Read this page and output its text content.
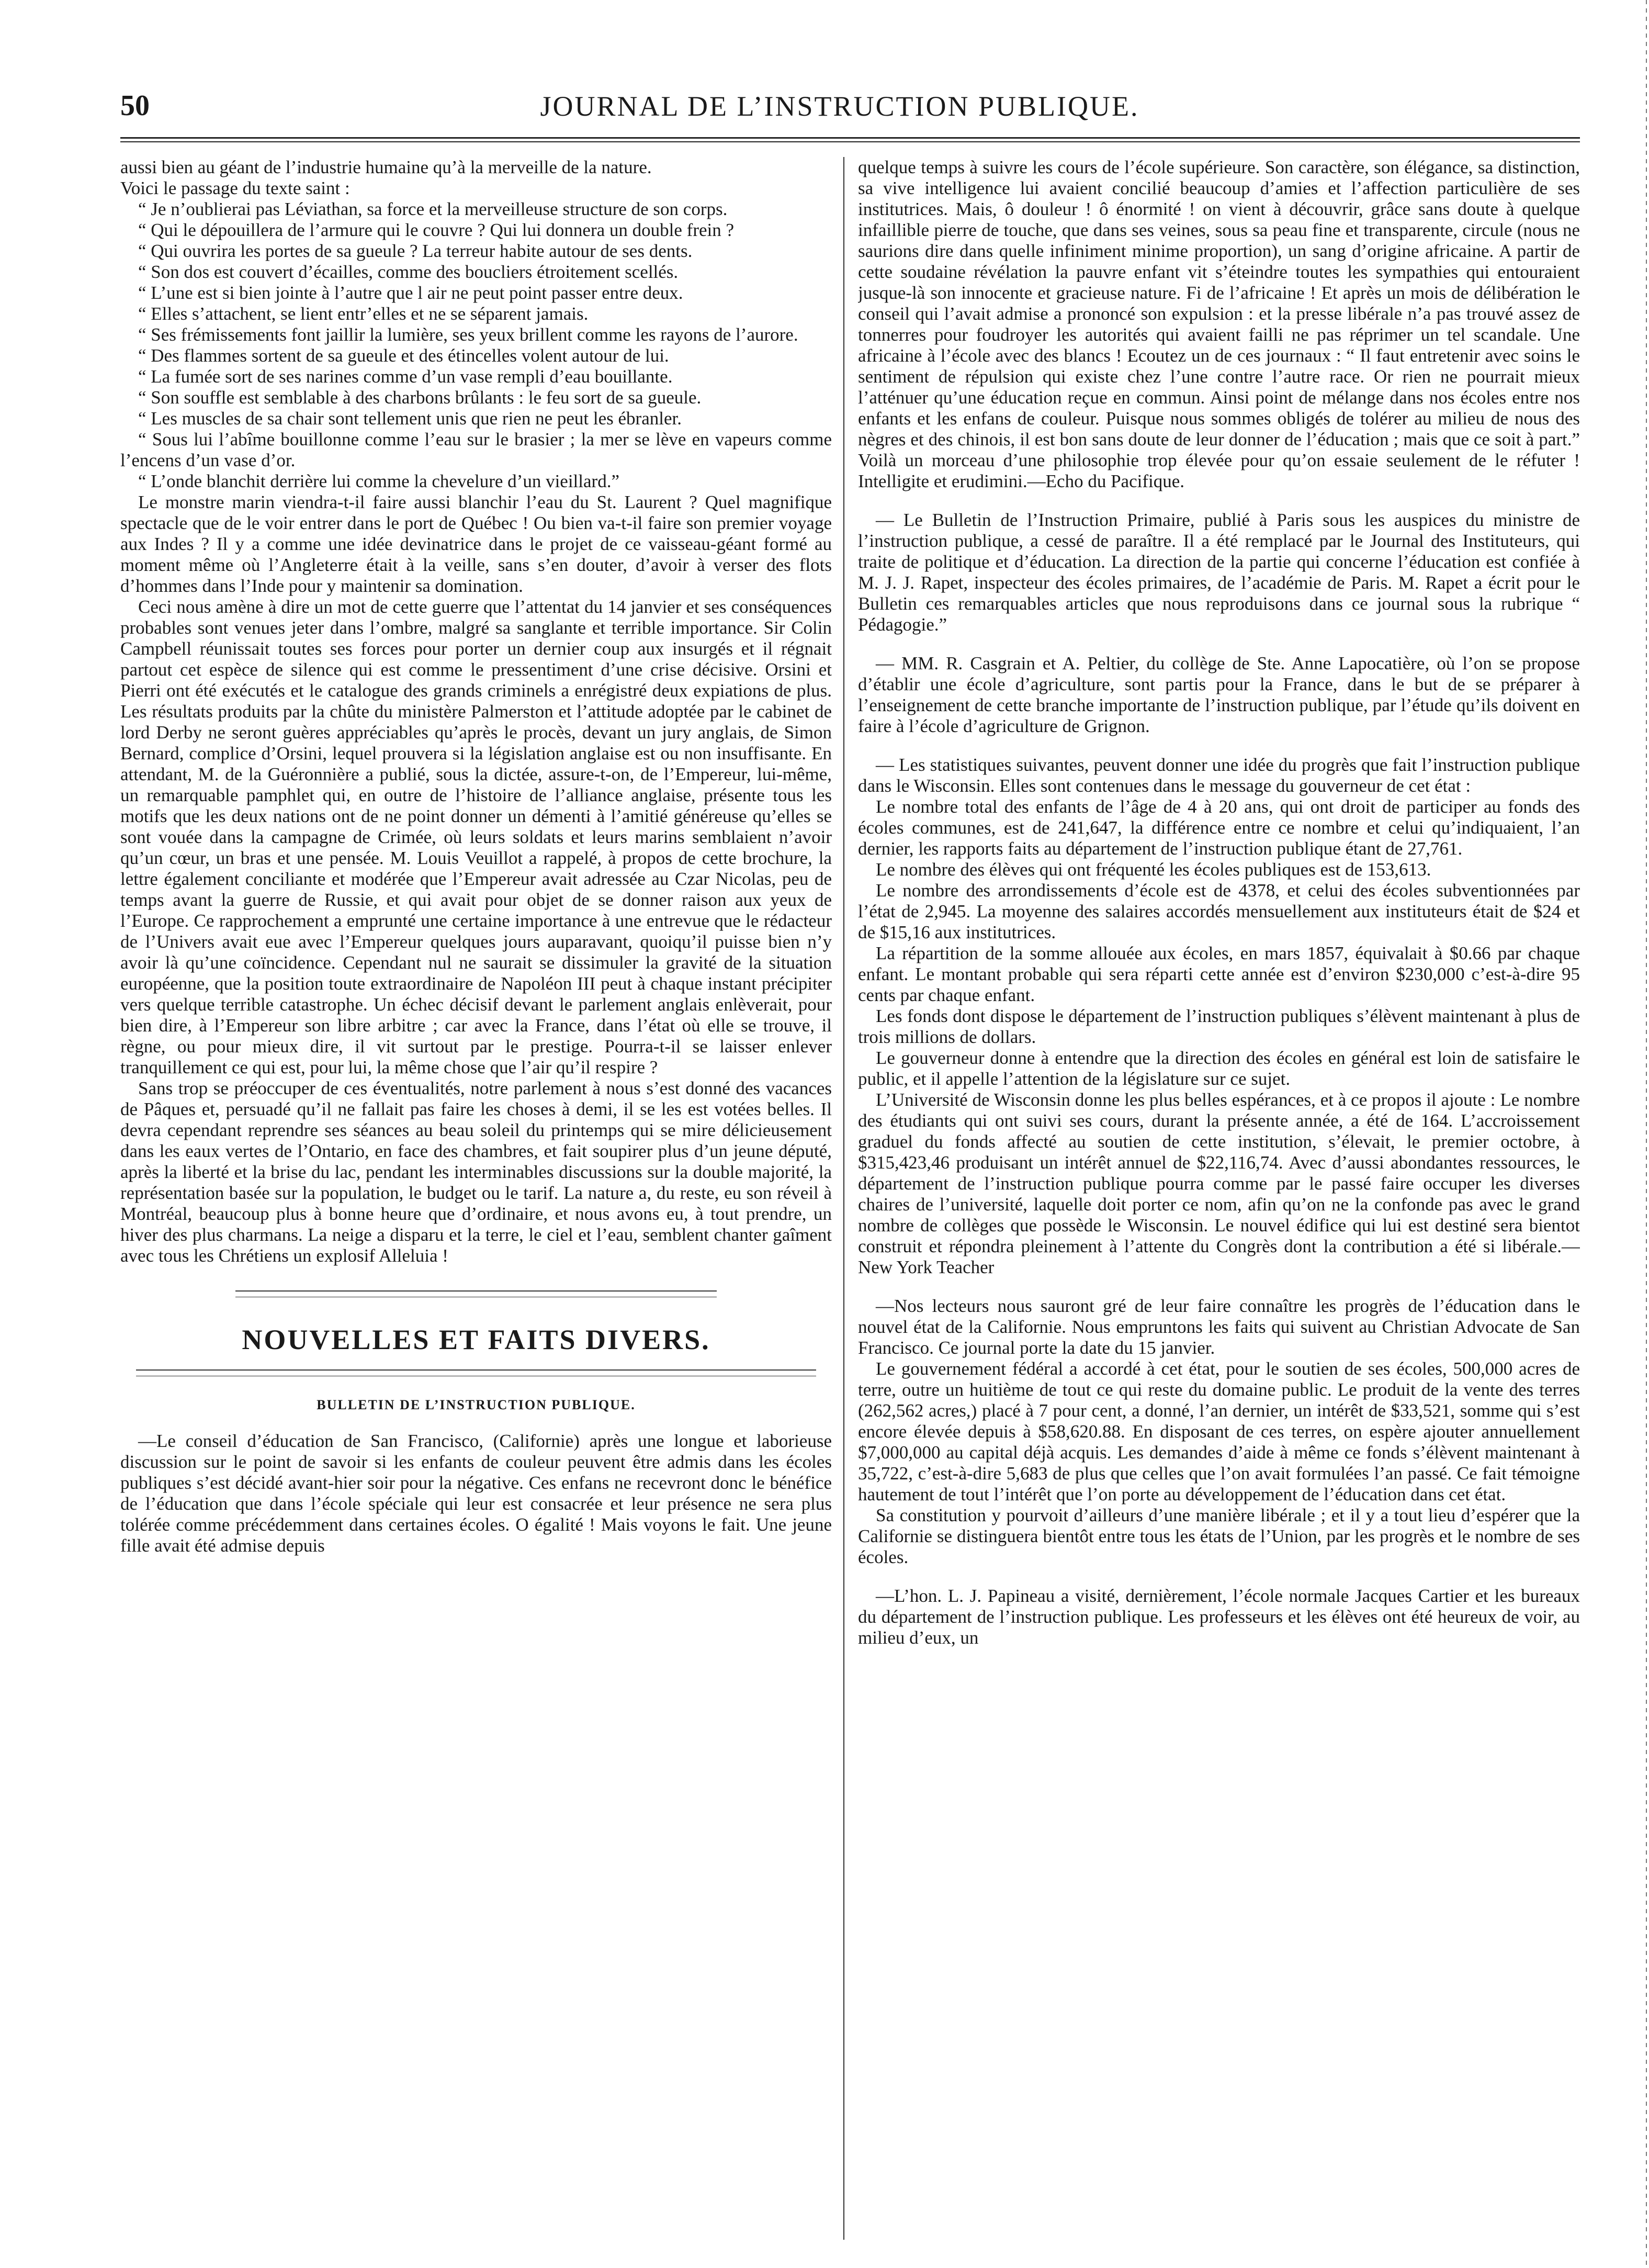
50	JOURNAL DE L’INSTRUCTION PUBLIQUE.

aussi bien au géant de l’industrie humaine qu’à la merveille de la nature.

Voici le passage du texte saint :

“ Je n’oublierai pas Léviathan, sa force et la merveilleuse structure de son corps.

“ Qui le dépouillera de l’armure qui le couvre ? Qui lui donnera un double frein ?

“ Qui ouvrira les portes de sa gueule ? La terreur habite autour de ses dents.

“ Son dos est couvert d’écailles, comme des boucliers étroitement scellés.

“ L’une est si bien jointe à l’autre que l air ne peut point passer entre deux.

“ Elles s’attachent, se lient entr’elles et ne se séparent jamais.

“ Ses frémissements font jaillir la lumière, ses yeux brillent comme les rayons de l’aurore.

“ Des flammes sortent de sa gueule et des étincelles volent autour de lui.

“ La fumée sort de ses narines comme d’un vase rempli d’eau bouillante.

“ Son souffle est semblable à des charbons brûlants : le feu sort de sa gueule.

“ Les muscles de sa chair sont tellement unis que rien ne peut les ébranler.

“ Sous lui l’abîme bouillonne comme l’eau sur le brasier ; la mer se lève en vapeurs comme l’encens d’un vase d’or.

“ L’onde blanchit derrière lui comme la chevelure d’un vieillard.”

Le monstre marin viendra-t-il faire aussi blanchir l’eau du St. Laurent ? Quel magnifique spectacle que de le voir entrer dans le port de Québec ! Ou bien va-t-il faire son premier voyage aux Indes ? Il y a comme une idée devinatrice dans le projet de ce vaisseau-géant formé au moment même où l’Angleterre était à la veille, sans s’en douter, d’avoir à verser des flots d’hommes dans l’Inde pour y maintenir sa domination.

Ceci nous amène à dire un mot de cette guerre que l’attentat du 14 janvier et ses conséquences probables sont venues jeter dans l’ombre, malgré sa sanglante et terrible importance. Sir Colin Campbell réunissait toutes ses forces pour porter un dernier coup aux insurgés et il régnait partout cet espèce de silence qui est comme le pressentiment d’une crise décisive. Orsini et Pierri ont été exécutés et le catalogue des grands criminels a enrégistré deux expiations de plus. Les résultats produits par la chûte du ministère Palmerston et l’attitude adoptée par le cabinet de lord Derby ne seront guères appréciables qu’après le procès, devant un jury anglais, de Simon Bernard, complice d’Orsini, lequel prouvera si la législation anglaise est ou non insuffisante. En attendant, M. de la Guéronnière a publié, sous la dictée, assure-t-on, de l’Empereur, lui-même, un remarquable pamphlet qui, en outre de l’histoire de l’alliance anglaise, présente tous les motifs que les deux nations ont de ne point donner un démenti à l’amitié généreuse qu’elles se sont vouée dans la campagne de Crimée, où leurs soldats et leurs marins semblaient n’avoir qu’un cœur, un bras et une pensée. M. Louis Veuillot a rappelé, à propos de cette brochure, la lettre également conciliante et modérée que l’Empereur avait adressée au Czar Nicolas, peu de temps avant la guerre de Russie, et qui avait pour objet de se donner raison aux yeux de l’Europe. Ce rapprochement a emprunté une certaine importance à une entrevue que le rédacteur de l’Univers avait eue avec l’Empereur quelques jours auparavant, quoiqu’il puisse bien n’y avoir là qu’une coïncidence. Cependant nul ne saurait se dissimuler la gravité de la situation européenne, que la position toute extraordinaire de Napoléon III peut à chaque instant précipiter vers quelque terrible catastrophe. Un échec décisif devant le parlement anglais enlèverait, pour bien dire, à l’Empereur son libre arbitre ; car avec la France, dans l’état où elle se trouve, il règne, ou pour mieux dire, il vit surtout par le prestige. Pourra-t-il se laisser enlever tranquillement ce qui est, pour lui, la même chose que l’air qu’il respire ?

Sans trop se préoccuper de ces éventualités, notre parlement à nous s’est donné des vacances de Pâques et, persuadé qu’il ne fallait pas faire les choses à demi, il se les est votées belles. Il devra cependant reprendre ses séances au beau soleil du printemps qui se mire délicieusement dans les eaux vertes de l’Ontario, en face des chambres, et fait soupirer plus d’un jeune député, après la liberté et la brise du lac, pendant les interminables discussions sur la double majorité, la représentation basée sur la population, le budget ou le tarif. La nature a, du reste, eu son réveil à Montréal, beaucoup plus à bonne heure que d’ordinaire, et nous avons eu, à tout prendre, un hiver des plus charmans. La neige a disparu et la terre, le ciel et l’eau, semblent chanter gaîment avec tous les Chrétiens un explosif Alleluia !

NOUVELLES ET FAITS DIVERS.
BULLETIN DE L’INSTRUCTION PUBLIQUE.

—Le conseil d’éducation de San Francisco, (Californie) après une longue et laborieuse discussion sur le point de savoir si les enfants de couleur peuvent être admis dans les écoles publiques s’est décidé avant-hier soir pour la négative. Ces enfans ne recevront donc le bénéfice de l’éducation que dans l’école spéciale qui leur est consacrée et leur présence ne sera plus tolérée comme précédemment dans certaines écoles. O égalité ! Mais voyons le fait. Une jeune fille avait été admise depuis

quelque temps à suivre les cours de l’école supérieure. Son caractère, son élégance, sa distinction, sa vive intelligence lui avaient concilié beaucoup d’amies et l’affection particulière de ses institutrices. Mais, ô douleur ! ô énormité ! on vient à découvrir, grâce sans doute à quelque infaillible pierre de touche, que dans ses veines, sous sa peau fine et transparente, circule (nous ne saurions dire dans quelle infiniment minime proportion), un sang d’origine africaine. A partir de cette soudaine révélation la pauvre enfant vit s’éteindre toutes les sympathies qui entouraient jusque-là son innocente et gracieuse nature. Fi de l’africaine ! Et après un mois de délibération le conseil qui l’avait admise a prononcé son expulsion : et la presse libérale n’a pas trouvé assez de tonnerres pour foudroyer les autorités qui avaient failli ne pas réprimer un tel scandale. Une africaine à l’école avec des blancs ! Ecoutez un de ces journaux : “ Il faut entretenir avec soins le sentiment de répulsion qui existe chez l’une contre l’autre race. Or rien ne pourrait mieux l’atténuer qu’une éducation reçue en commun. Ainsi point de mélange dans nos écoles entre nos enfants et les enfans de couleur. Puisque nous sommes obligés de tolérer au milieu de nous des nègres et des chinois, il est bon sans doute de leur donner de l’éducation ; mais que ce soit à part.” Voilà un morceau d’une philosophie trop élevée pour qu’on essaie seulement de le réfuter ! Intelligite et erudimini.—Echo du Pacifique.

— Le Bulletin de l’Instruction Primaire, publié à Paris sous les auspices du ministre de l’instruction publique, a cessé de paraître. Il a été remplacé par le Journal des Instituteurs, qui traite de politique et d’éducation. La direction de la partie qui concerne l’éducation est confiée à M. J. J. Rapet, inspecteur des écoles primaires, de l’académie de Paris. M. Rapet a écrit pour le Bulletin ces remarquables articles que nous reproduisons dans ce journal sous la rubrique “ Pédagogie.”

— MM. R. Casgrain et A. Peltier, du collège de Ste. Anne Lapocatière, où l’on se propose d’établir une école d’agriculture, sont partis pour la France, dans le but de se préparer à l’enseignement de cette branche importante de l’instruction publique, par l’étude qu’ils doivent en faire à l’école d’agriculture de Grignon.

— Les statistiques suivantes, peuvent donner une idée du progrès que fait l’instruction publique dans le Wisconsin. Elles sont contenues dans le message du gouverneur de cet état :

Le nombre total des enfants de l’âge de 4 à 20 ans, qui ont droit de participer au fonds des écoles communes, est de 241,647, la différence entre ce nombre et celui qu’indiquaient, l’an dernier, les rapports faits au département de l’instruction publique étant de 27,761.

Le nombre des élèves qui ont fréquenté les écoles publiques est de 153,613.

Le nombre des arrondissements d’école est de 4378, et celui des écoles subventionnées par l’état de 2,945. La moyenne des salaires accordés mensuellement aux instituteurs était de $24 et de $15,16 aux institutrices.

La répartition de la somme allouée aux écoles, en mars 1857, équivalait à $0.66 par chaque enfant. Le montant probable qui sera réparti cette année est d’environ $230,000 c’est-à-dire 95 cents par chaque enfant.

Les fonds dont dispose le département de l’instruction publiques s’élèvent maintenant à plus de trois millions de dollars.

Le gouverneur donne à entendre que la direction des écoles en général est loin de satisfaire le public, et il appelle l’attention de la législature sur ce sujet.

L’Université de Wisconsin donne les plus belles espérances, et à ce propos il ajoute : Le nombre des étudiants qui ont suivi ses cours, durant la présente année, a été de 164. L’accroissement graduel du fonds affecté au soutien de cette institution, s’élevait, le premier octobre, à $315,423,46 produisant un intérêt annuel de $22,116,74. Avec d’aussi abondantes ressources, le département de l’instruction publique pourra comme par le passé faire occuper les diverses chaires de l’université, laquelle doit porter ce nom, afin qu’on ne la confonde pas avec le grand nombre de collèges que possède le Wisconsin. Le nouvel édifice qui lui est destiné sera bientot construit et répondra pleinement à l’attente du Congrès dont la contribution a été si libérale.—New York Teacher

—Nos lecteurs nous sauront gré de leur faire connaître les progrès de l’éducation dans le nouvel état de la Californie. Nous empruntons les faits qui suivent au Christian Advocate de San Francisco. Ce journal porte la date du 15 janvier.

Le gouvernement fédéral a accordé à cet état, pour le soutien de ses écoles, 500,000 acres de terre, outre un huitième de tout ce qui reste du domaine public. Le produit de la vente des terres (262,562 acres,) placé à 7 pour cent, a donné, l’an dernier, un intérêt de $33,521, somme qui s’est encore élevée depuis à $58,620.88. En disposant de ces terres, on espère ajouter annuellement $7,000,000 au capital déjà acquis. Les demandes d’aide à même ce fonds s’élèvent maintenant à 35,722, c’est-à-dire 5,683 de plus que celles que l’on avait formulées l’an passé. Ce fait témoigne hautement de tout l’intérêt que l’on porte au développement de l’éducation dans cet état.

Sa constitution y pourvoit d’ailleurs d’une manière libérale ; et il y a tout lieu d’espérer que la Californie se distinguera bientôt entre tous les états de l’Union, par les progrès et le nombre de ses écoles.

—L’hon. L. J. Papineau a visité, dernièrement, l’école normale Jacques Cartier et les bureaux du département de l’instruction publique. Les professeurs et les élèves ont été heureux de voir, au milieu d’eux, un
